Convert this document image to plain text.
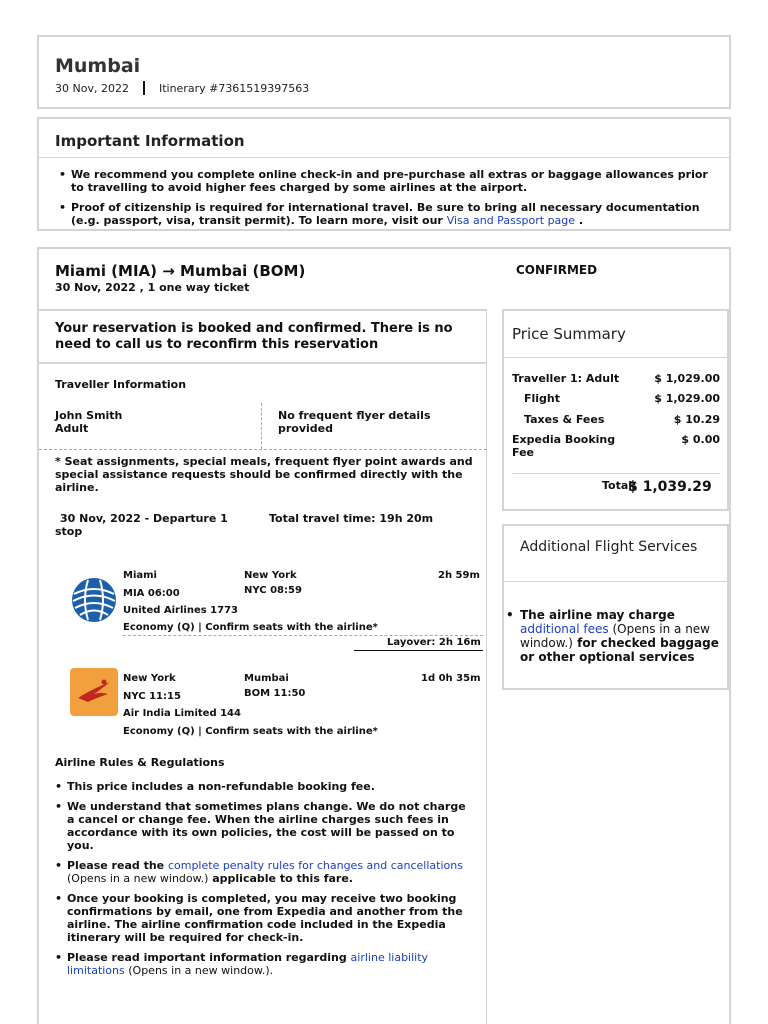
Mumbai
30 Nov, 2022	Itinerary #7361519397563
Important Information
• We recommend you complete online check-in and pre-purchase all extras or baggage allowances prior to travelling to avoid higher fees charged by some airlines at the airport.
• Proof of citizenship is required for international travel. Be sure to bring all necessary documentation (e.g. passport, visa, transit permit). To learn more, visit our Visa and Passport page .
Miami (MIA) → Mumbai (BOM)
30 Nov, 2022 , 1 one way ticket
CONFIRMED

Your reservation is booked and confirmed. There is no need to call us to reconfirm this reservation

Traveller Information
John Smith
Adult
No frequent flyer details provided
* Seat assignments, special meals, frequent flyer point awards and special assistance requests should be confirmed directly with the airline.
30 Nov, 2022 - Departure 1 stop
Total travel time: 19h 20m
Miami	New York	2h 59m
MIA 06:00	NYC 08:59
United Airlines 1773
Economy (Q) | Confirm seats with the airline*
Layover: 2h 16m
New York	Mumbai	1d 0h 35m
NYC 11:15	BOM 11:50
Air India Limited 144
Economy (Q) | Confirm seats with the airline*
Airline Rules & Regulations
• This price includes a non-refundable booking fee.
• We understand that sometimes plans change. We do not charge a cancel or change fee. When the airline charges such fees in accordance with its own policies, the cost will be passed on to you.
• Please read the complete penalty rules for changes and cancellations (Opens in a new window.) applicable to this fare.
• Once your booking is completed, you may receive two booking confirmations by email, one from Expedia and another from the airline. The airline confirmation code included in the Expedia itinerary will be required for check-in.
• Please read important information regarding airline liability limitations (Opens in a new window.).
Price Summary
Traveller 1: Adult	$ 1,029.00
Flight	$ 1,029.00
Taxes & Fees	$ 10.29
Expedia Booking Fee
$ 0.00
Total:
$ 1,039.29
Additional Flight Services
• The airline may charge additional fees (Opens in a new window.) for checked baggage or other optional services
